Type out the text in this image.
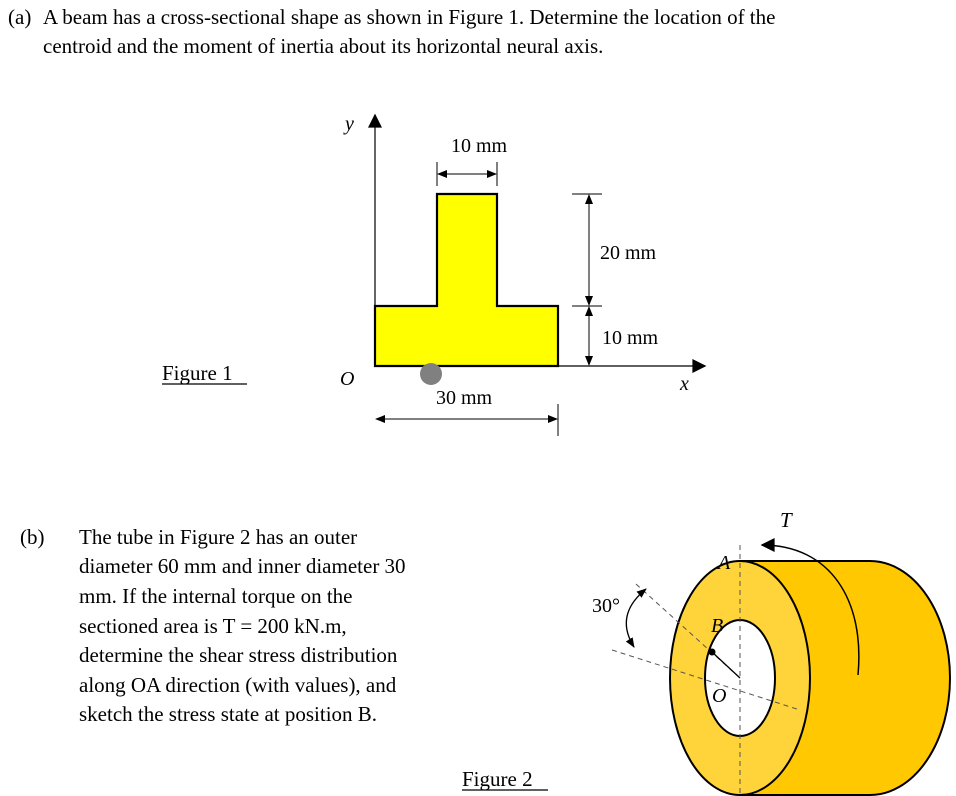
(a) A beam has a cross-sectional shape as shown in Figure 1. Determine the location of the
centroid and the moment of inertia about its horizontal neural axis.
(b) The tube in Figure 2 has an outer
diameter 60 mm and inner diameter 30
mm. If the internal torque on the
sectioned area is T = 200 kN.m,
determine the shear stress distribution
along OA direction (with values), and
sketch the stress state at position B.
y
x
O
10 mm
20 mm
10 mm
30 mm
Figure 1
A
B
O
30°
T
Figure 2
